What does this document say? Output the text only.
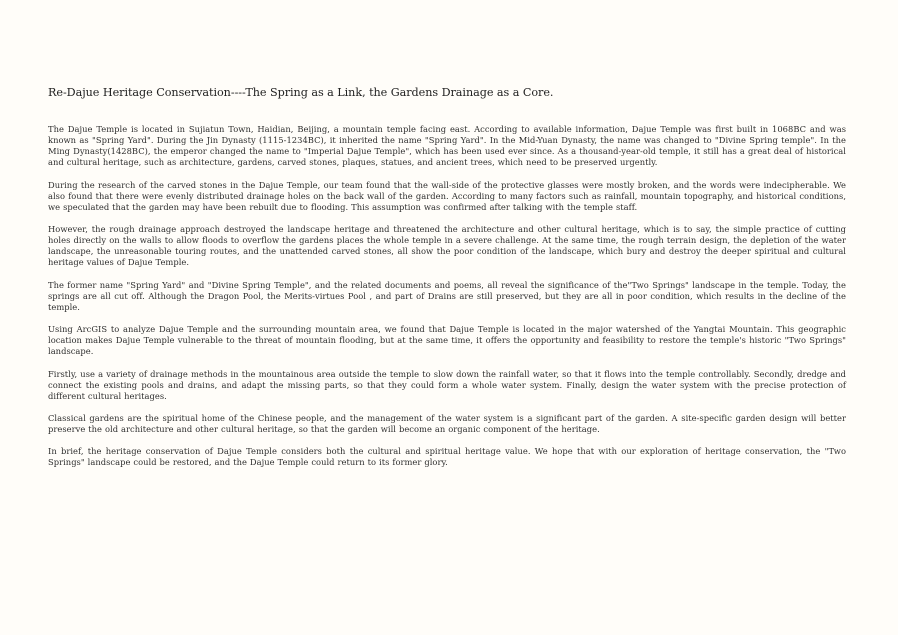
Re-Dajue Heritage Conservation----The Spring as a Link, the Gardens Drainage as a Core.

The Dajue Temple is located in Sujiatun Town, Haidian, Beijing, a mountain temple facing east. According to available information, Dajue Temple was first built in 1068BC and was known as "Spring Yard". During the Jin Dynasty (1115-1234BC), it inherited the name "Spring Yard". In the Mid-Yuan Dynasty, the name was changed to "Divine Spring temple". In the Ming Dynasty(1428BC), the emperor changed the name to "Imperial Dajue Temple", which has been used ever since. As a thousand-year-old temple, it still has a great deal of historical and cultural heritage, such as architecture, gardens, carved stones, plaques, statues, and ancient trees, which need to be preserved urgently.

During the research of the carved stones in the Dajue Temple, our team found that the wall-side of the protective glasses were mostly broken, and the words were indecipherable. We also found that there were evenly distributed drainage holes on the back wall of the garden. According to many factors such as rainfall, mountain topography, and historical conditions, we speculated that the garden may have been rebuilt due to flooding. This assumption was confirmed after talking with the temple staff.

However, the rough drainage approach destroyed the landscape heritage and threatened the architecture and other cultural heritage, which is to say, the simple practice of cutting holes directly on the walls to allow floods to overflow the gardens places the whole temple in a severe challenge. At the same time, the rough terrain design, the depletion of the water landscape, the unreasonable touring routes, and the unattended carved stones, all show the poor condition of the landscape, which bury and destroy the deeper spiritual and cultural heritage values of Dajue Temple.

The former name "Spring Yard" and "Divine Spring Temple", and the related documents and poems, all reveal the significance of the"Two Springs" landscape in the temple. Today, the springs are all cut off. Although the Dragon Pool, the Merits-virtues Pool , and part of Drains are still preserved, but they are all in poor condition, which results in the decline of the temple.

Using ArcGIS to analyze Dajue Temple and the surrounding mountain area, we found that Dajue Temple is located in the major watershed of the Yangtai Mountain. This geographic location makes Dajue Temple vulnerable to the threat of mountain flooding, but at the same time, it offers the opportunity and feasibility to restore the temple's historic "Two Springs" landscape.

Firstly, use a variety of drainage methods in the mountainous area outside the temple to slow down the rainfall water, so that it flows into the temple controllably. Secondly, dredge and connect the existing pools and drains, and adapt the missing parts, so that they could form a whole water system. Finally, design the water system with the precise protection of different cultural heritages.

Classical gardens are the spiritual home of the Chinese people, and the management of the water system is a significant part of the garden. A site-specific garden design will better preserve the old architecture and other cultural heritage, so that the garden will become an organic component of the heritage.

In brief, the heritage conservation of Dajue Temple considers both the cultural and spiritual heritage value. We hope that with our exploration of heritage conservation, the "Two Springs" landscape could be restored, and the Dajue Temple could return to its former glory.
